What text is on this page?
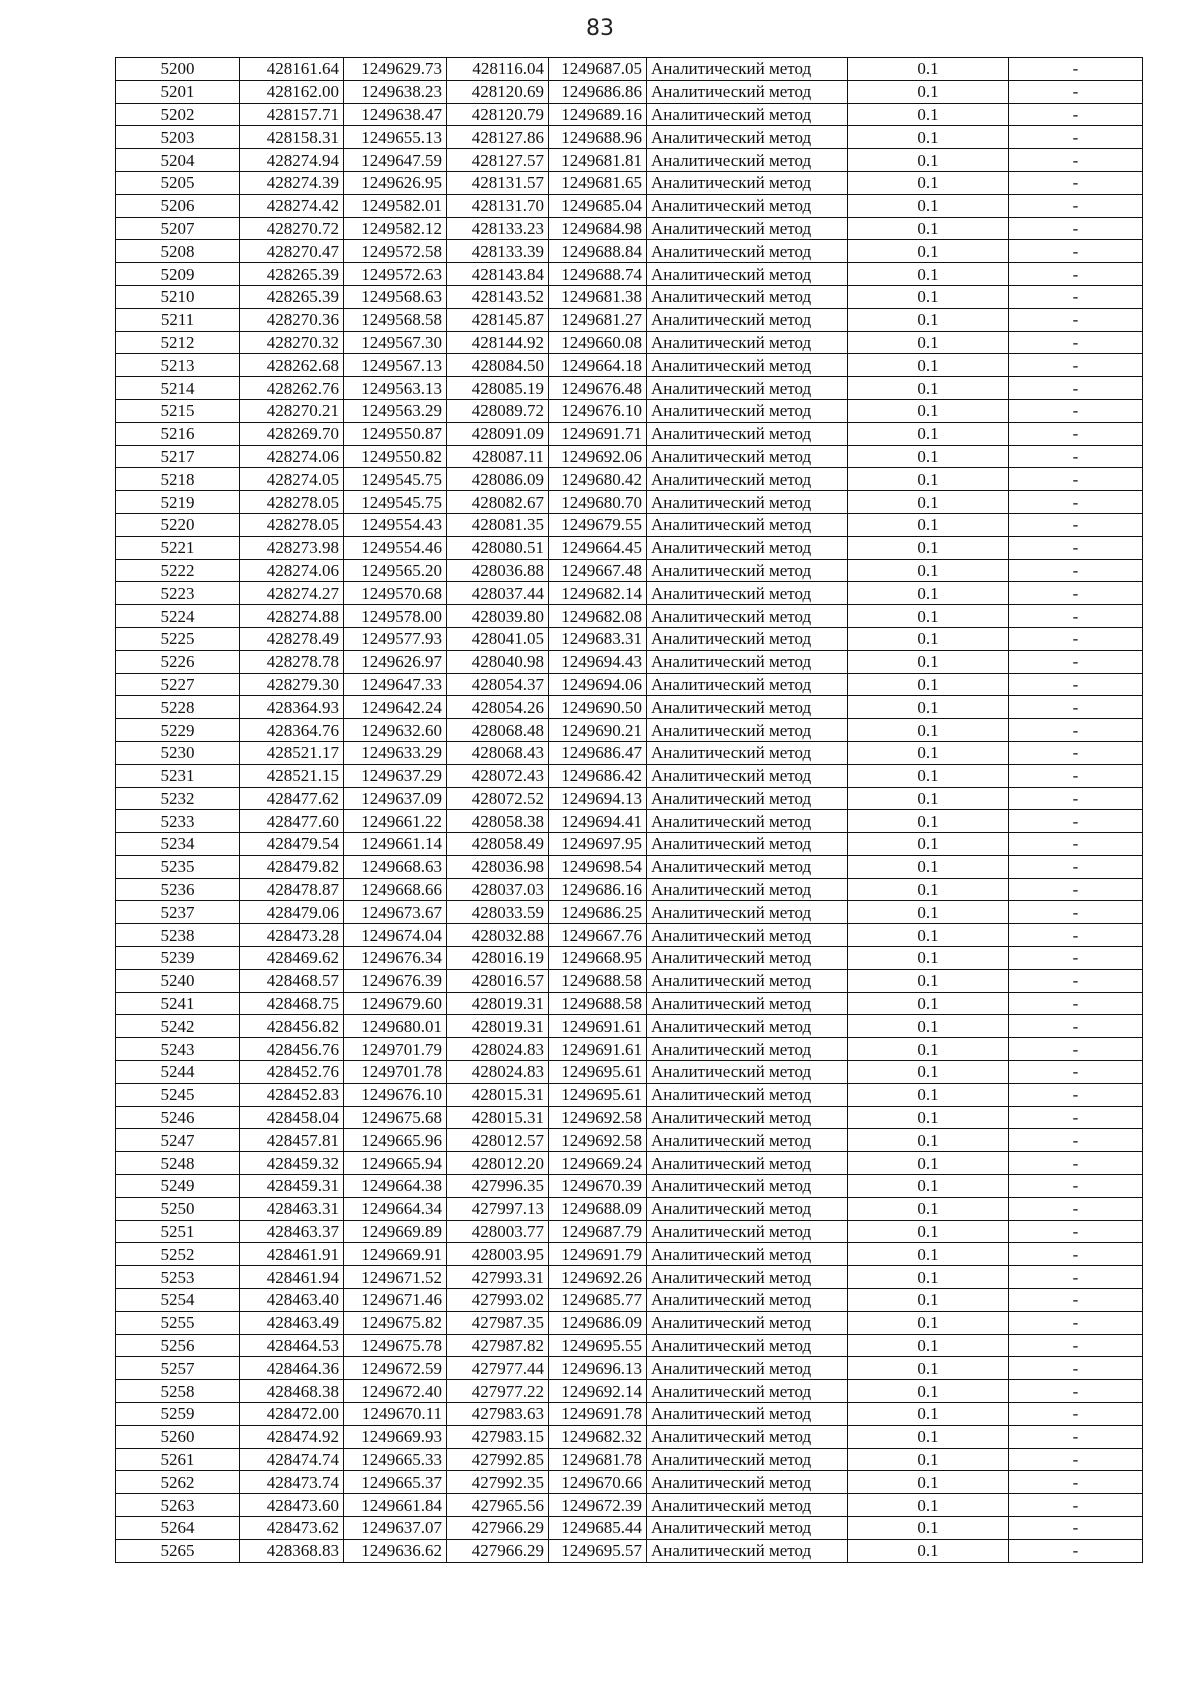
83
5200	428161.64	1249629.73	428116.04	1249687.05	Аналитический метод	0.1	-
5201	428162.00	1249638.23	428120.69	1249686.86	Аналитический метод	0.1	-
5202	428157.71	1249638.47	428120.79	1249689.16	Аналитический метод	0.1	-
5203	428158.31	1249655.13	428127.86	1249688.96	Аналитический метод	0.1	-
5204	428274.94	1249647.59	428127.57	1249681.81	Аналитический метод	0.1	-
5205	428274.39	1249626.95	428131.57	1249681.65	Аналитический метод	0.1	-
5206	428274.42	1249582.01	428131.70	1249685.04	Аналитический метод	0.1	-
5207	428270.72	1249582.12	428133.23	1249684.98	Аналитический метод	0.1	-
5208	428270.47	1249572.58	428133.39	1249688.84	Аналитический метод	0.1	-
5209	428265.39	1249572.63	428143.84	1249688.74	Аналитический метод	0.1	-
5210	428265.39	1249568.63	428143.52	1249681.38	Аналитический метод	0.1	-
5211	428270.36	1249568.58	428145.87	1249681.27	Аналитический метод	0.1	-
5212	428270.32	1249567.30	428144.92	1249660.08	Аналитический метод	0.1	-
5213	428262.68	1249567.13	428084.50	1249664.18	Аналитический метод	0.1	-
5214	428262.76	1249563.13	428085.19	1249676.48	Аналитический метод	0.1	-
5215	428270.21	1249563.29	428089.72	1249676.10	Аналитический метод	0.1	-
5216	428269.70	1249550.87	428091.09	1249691.71	Аналитический метод	0.1	-
5217	428274.06	1249550.82	428087.11	1249692.06	Аналитический метод	0.1	-
5218	428274.05	1249545.75	428086.09	1249680.42	Аналитический метод	0.1	-
5219	428278.05	1249545.75	428082.67	1249680.70	Аналитический метод	0.1	-
5220	428278.05	1249554.43	428081.35	1249679.55	Аналитический метод	0.1	-
5221	428273.98	1249554.46	428080.51	1249664.45	Аналитический метод	0.1	-
5222	428274.06	1249565.20	428036.88	1249667.48	Аналитический метод	0.1	-
5223	428274.27	1249570.68	428037.44	1249682.14	Аналитический метод	0.1	-
5224	428274.88	1249578.00	428039.80	1249682.08	Аналитический метод	0.1	-
5225	428278.49	1249577.93	428041.05	1249683.31	Аналитический метод	0.1	-
5226	428278.78	1249626.97	428040.98	1249694.43	Аналитический метод	0.1	-
5227	428279.30	1249647.33	428054.37	1249694.06	Аналитический метод	0.1	-
5228	428364.93	1249642.24	428054.26	1249690.50	Аналитический метод	0.1	-
5229	428364.76	1249632.60	428068.48	1249690.21	Аналитический метод	0.1	-
5230	428521.17	1249633.29	428068.43	1249686.47	Аналитический метод	0.1	-
5231	428521.15	1249637.29	428072.43	1249686.42	Аналитический метод	0.1	-
5232	428477.62	1249637.09	428072.52	1249694.13	Аналитический метод	0.1	-
5233	428477.60	1249661.22	428058.38	1249694.41	Аналитический метод	0.1	-
5234	428479.54	1249661.14	428058.49	1249697.95	Аналитический метод	0.1	-
5235	428479.82	1249668.63	428036.98	1249698.54	Аналитический метод	0.1	-
5236	428478.87	1249668.66	428037.03	1249686.16	Аналитический метод	0.1	-
5237	428479.06	1249673.67	428033.59	1249686.25	Аналитический метод	0.1	-
5238	428473.28	1249674.04	428032.88	1249667.76	Аналитический метод	0.1	-
5239	428469.62	1249676.34	428016.19	1249668.95	Аналитический метод	0.1	-
5240	428468.57	1249676.39	428016.57	1249688.58	Аналитический метод	0.1	-
5241	428468.75	1249679.60	428019.31	1249688.58	Аналитический метод	0.1	-
5242	428456.82	1249680.01	428019.31	1249691.61	Аналитический метод	0.1	-
5243	428456.76	1249701.79	428024.83	1249691.61	Аналитический метод	0.1	-
5244	428452.76	1249701.78	428024.83	1249695.61	Аналитический метод	0.1	-
5245	428452.83	1249676.10	428015.31	1249695.61	Аналитический метод	0.1	-
5246	428458.04	1249675.68	428015.31	1249692.58	Аналитический метод	0.1	-
5247	428457.81	1249665.96	428012.57	1249692.58	Аналитический метод	0.1	-
5248	428459.32	1249665.94	428012.20	1249669.24	Аналитический метод	0.1	-
5249	428459.31	1249664.38	427996.35	1249670.39	Аналитический метод	0.1	-
5250	428463.31	1249664.34	427997.13	1249688.09	Аналитический метод	0.1	-
5251	428463.37	1249669.89	428003.77	1249687.79	Аналитический метод	0.1	-
5252	428461.91	1249669.91	428003.95	1249691.79	Аналитический метод	0.1	-
5253	428461.94	1249671.52	427993.31	1249692.26	Аналитический метод	0.1	-
5254	428463.40	1249671.46	427993.02	1249685.77	Аналитический метод	0.1	-
5255	428463.49	1249675.82	427987.35	1249686.09	Аналитический метод	0.1	-
5256	428464.53	1249675.78	427987.82	1249695.55	Аналитический метод	0.1	-
5257	428464.36	1249672.59	427977.44	1249696.13	Аналитический метод	0.1	-
5258	428468.38	1249672.40	427977.22	1249692.14	Аналитический метод	0.1	-
5259	428472.00	1249670.11	427983.63	1249691.78	Аналитический метод	0.1	-
5260	428474.92	1249669.93	427983.15	1249682.32	Аналитический метод	0.1	-
5261	428474.74	1249665.33	427992.85	1249681.78	Аналитический метод	0.1	-
5262	428473.74	1249665.37	427992.35	1249670.66	Аналитический метод	0.1	-
5263	428473.60	1249661.84	427965.56	1249672.39	Аналитический метод	0.1	-
5264	428473.62	1249637.07	427966.29	1249685.44	Аналитический метод	0.1	-
5265	428368.83	1249636.62	427966.29	1249695.57	Аналитический метод	0.1	-
